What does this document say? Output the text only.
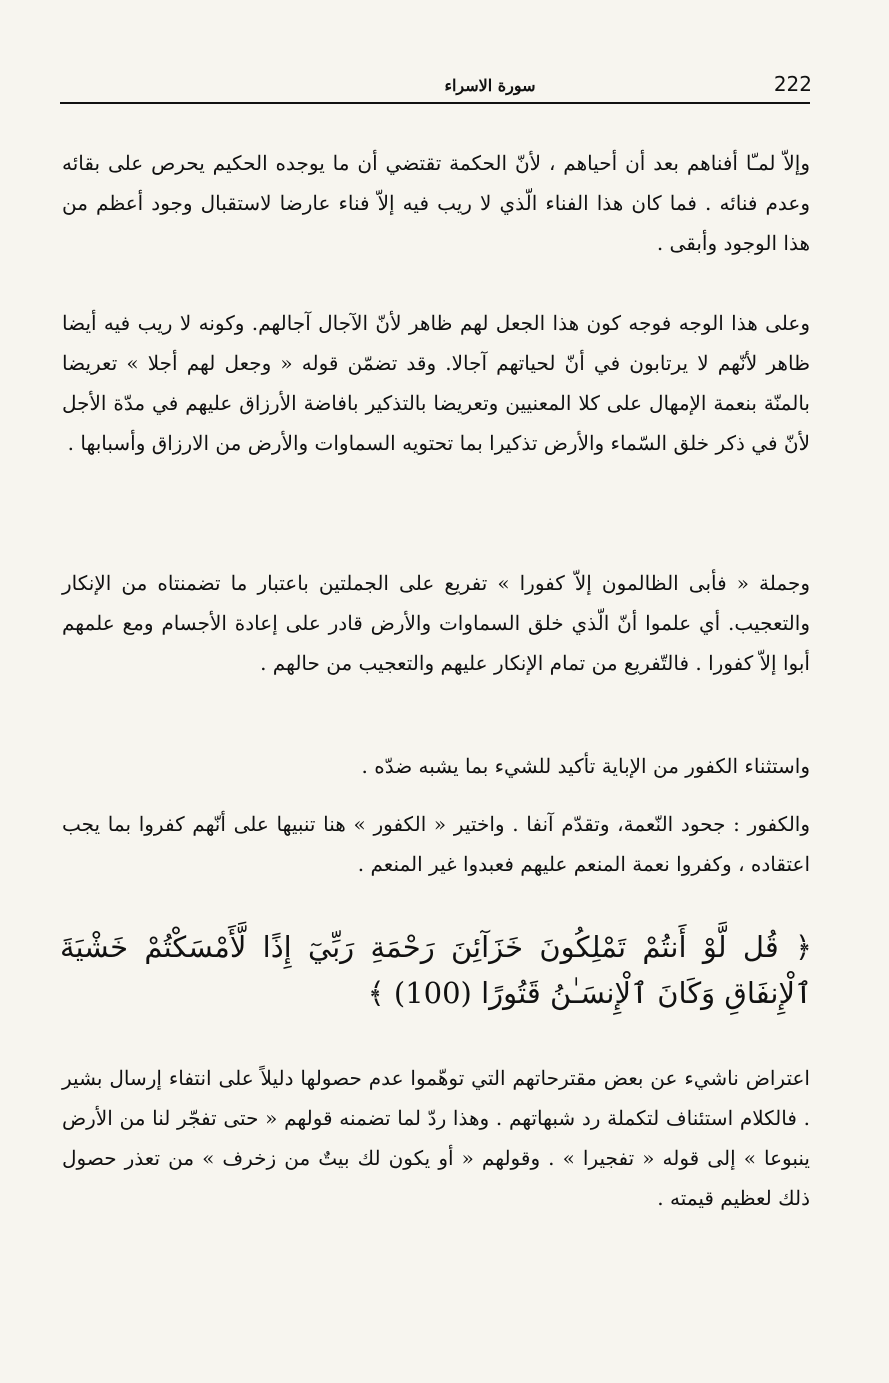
222
سورة الاسراء

وإلاّ لمـّا أفناهم بعد أن أحياهم ، لأنّ الحكمة تقتضي أن ما يوجده الحكيم يحرص على بقائه وعدم فنائه . فما كان هذا الفناء الّذي لا ريب فيه إلاّ فناء عارضا لاستقبال وجود أعظم من هذا الوجود وأبقى .

وعلى هذا الوجه فوجه كون هذا الجعل لهم ظاهر لأنّ الآجال آجالهم. وكونه لا ريب فيه أيضا ظاهر لأنّهم لا يرتابون في أنّ لحياتهم آجالا. وقد تضمّن قوله « وجعل لهم أجلا » تعريضا بالمنّة بنعمة الإمهال على كلا المعنيين وتعريضا بالتذكير بافاضة الأرزاق عليهم في مدّة الأجل لأنّ في ذكر خلق السّماء والأرض تذكيرا بما تحتويه السماوات والأرض من الارزاق وأسبابها .

وجملة « فأبى الظالمون إلاّ كفورا » تفريع على الجملتين باعتبار ما تضمنتاه من الإنكار والتعجيب. أي علموا أنّ الّذي خلق السماوات والأرض قادر على إعادة الأجسام ومع علمهم أبوا إلاّ كفورا . فالتّفريع من تمام الإنكار عليهم والتعجيب من حالهم .

واستثناء الكفور من الإباية تأكيد للشيء بما يشبه ضدّه .

والكفور : جحود النّعمة، وتقدّم آنفا . واختير « الكفور » هنا تنبيها على أنّهم كفروا بما يجب اعتقاده ، وكفروا نعمة المنعم عليهم فعبدوا غير المنعم .

﴿ قُل لَّوْ أَنتُمْ تَمْلِكُونَ خَزَآئِنَ رَحْمَةِ رَبِّيٓ إِذًا لَّأَمْسَكْتُمْ خَشْيَةَ ٱلْإِنفَاقِ وَكَانَ ٱلْإِنسَـٰنُ قَتُورًا (100) ﴾

اعتراض ناشيء عن بعض مقترحاتهم التي توهّموا عدم حصولها دليلاً على انتفاء إرسال بشير . فالكلام استئناف لتكملة رد شبهاتهم . وهذا ردّ لما تضمنه قولهم « حتى تفجّر لنا من الأرض ينبوعا » إلى قوله « تفجيرا » . وقولهم « أو يكون لك بيتٌ من زخرف » من تعذر حصول ذلك لعظيم قيمته .
